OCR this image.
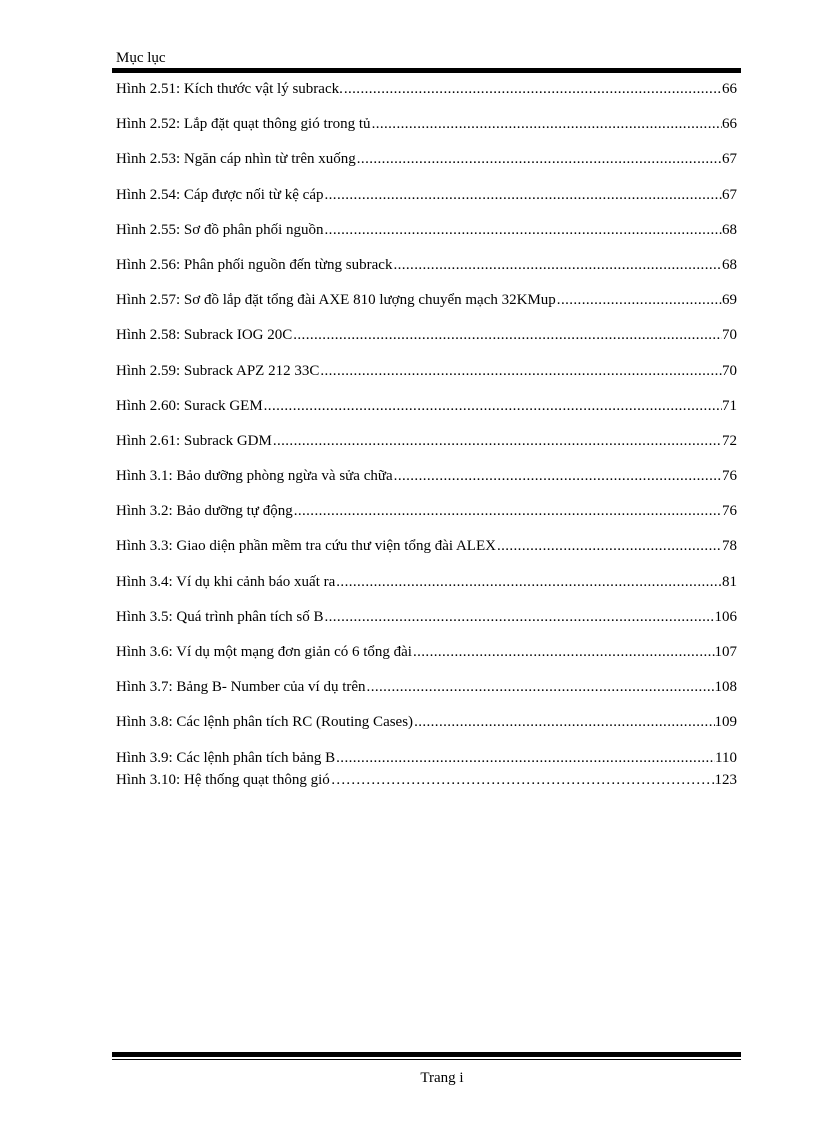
Mục lục
Hình 2.51: Kích thước vật lý subrack. .....	66
Hình 2.52: Lắp đặt quạt thông gió trong tủ .....	66
Hình 2.53: Ngăn cáp nhìn từ trên xuống .....	67
Hình 2.54: Cáp được nối từ kệ cáp .....	67
Hình 2.55: Sơ đồ phân phối nguồn .....	68
Hình 2.56: Phân phối nguồn đến từng subrack .....	68
Hình 2.57: Sơ đồ lắp đặt tổng đài AXE 810 lượng chuyển mạch 32KMup .....	69
Hình 2.58: Subrack IOG 20C .....	70
Hình 2.59: Subrack APZ 212 33C .....	70
Hình 2.60: Surack GEM .....	71
Hình 2.61: Subrack GDM .....	72
Hình 3.1: Bảo dưỡng phòng ngừa và sửa chữa .....	76
Hình 3.2: Bảo dưỡng tự động .....	76
Hình 3.3: Giao diện phần mềm tra cứu thư viện tổng đài ALEX .....	78
Hình 3.4: Ví dụ khi cảnh báo xuất ra .....	81
Hình 3.5: Quá trình phân tích số B .....	106
Hình 3.6: Ví dụ một mạng đơn giản có 6 tổng đài .....	107
Hình 3.7: Bảng B- Number của ví dụ trên .....	108
Hình 3.8: Các lệnh phân tích RC (Routing Cases) .....	109
Hình 3.9: Các lệnh phân tích bảng B .....	110
Hình 3.10: Hệ thống quạt thông gió ………………………………………………………………………………………………………………………………………………………………	123
Trang i
